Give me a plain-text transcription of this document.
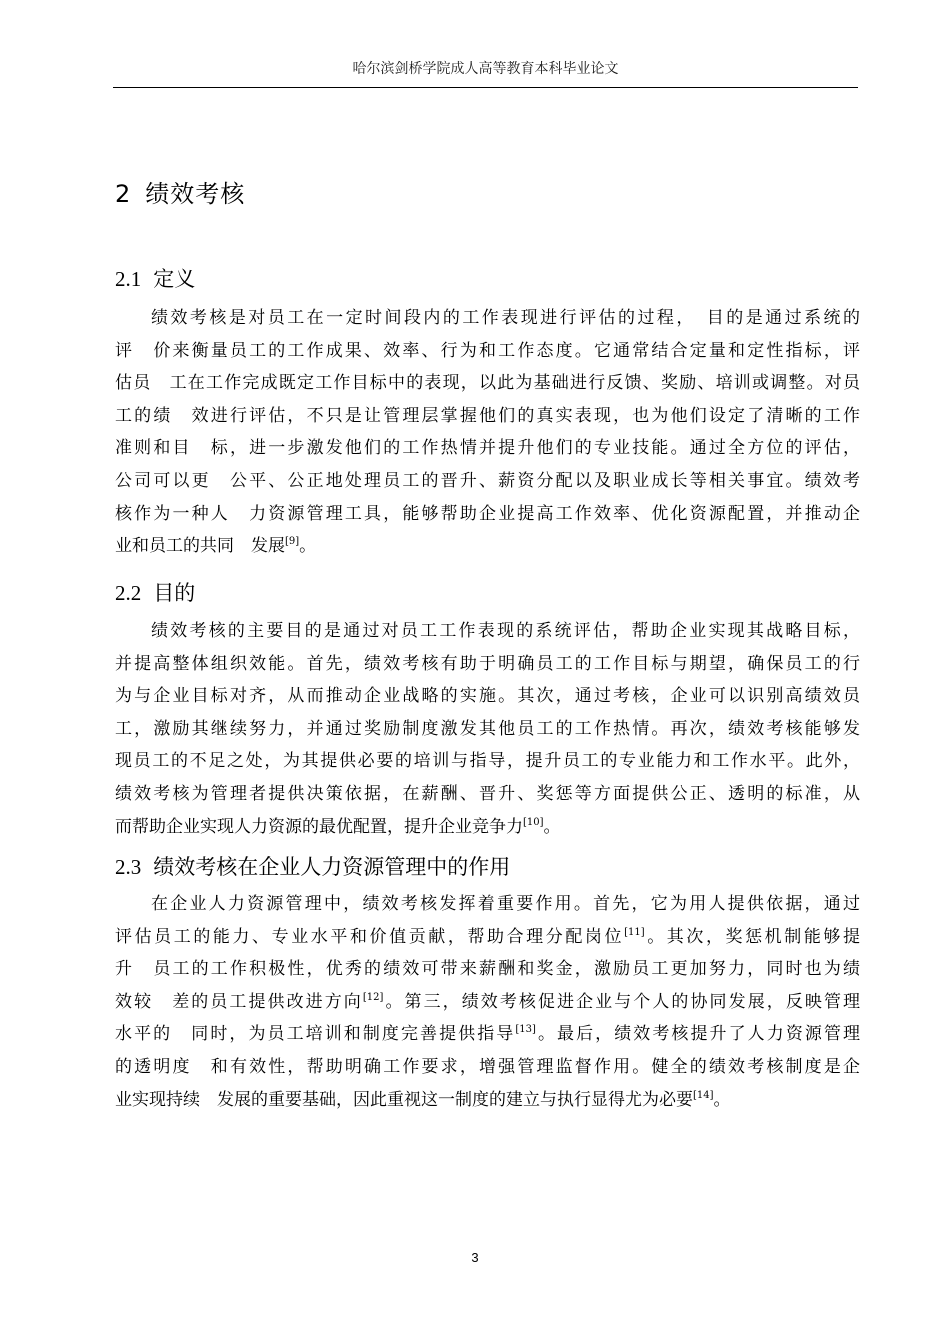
哈尔滨剑桥学院成人高等教育本科毕业论文
2 绩效考核
2.1 定义
绩效考核是对员工在一定时间段内的工作表现进行评估的过程，　目的是通过系统的
评　价来衡量员工的工作成果、效率、行为和工作态度。它通常结合定量和定性指标，评
估员　工在工作完成既定工作目标中的表现，以此为基础进行反馈、奖励、培训或调整。对员
工的绩　效进行评估，不只是让管理层掌握他们的真实表现，也为他们设定了清晰的工作
准则和目　标，进一步激发他们的工作热情并提升他们的专业技能。通过全方位的评估，
公司可以更　公平、公正地处理员工的晋升、薪资分配以及职业成长等相关事宜。绩效考
核作为一种人　力资源管理工具，能够帮助企业提高工作效率、优化资源配置，并推动企
业和员工的共同　发展[9]。
2.2 目的
绩效考核的主要目的是通过对员工工作表现的系统评估，帮助企业实现其战略目标，
并提高整体组织效能。首先，绩效考核有助于明确员工的工作目标与期望，确保员工的行
为与企业目标对齐，从而推动企业战略的实施。其次，通过考核，企业可以识别高绩效员
工，激励其继续努力，并通过奖励制度激发其他员工的工作热情。再次，绩效考核能够发
现员工的不足之处，为其提供必要的培训与指导，提升员工的专业能力和工作水平。此外，
绩效考核为管理者提供决策依据，在薪酬、晋升、奖惩等方面提供公正、透明的标准，从
而帮助企业实现人力资源的最优配置，提升企业竞争力[10]。
2.3 绩效考核在企业人力资源管理中的作用
在企业人力资源管理中，绩效考核发挥着重要作用。首先，它为用人提供依据，通过
评估员工的能力、专业水平和价值贡献，帮助合理分配岗位[11]。其次，奖惩机制能够提
升　员工的工作积极性，优秀的绩效可带来薪酬和奖金，激励员工更加努力，同时也为绩
效较　差的员工提供改进方向[12]。第三，绩效考核促进企业与个人的协同发展，反映管理
水平的　同时，为员工培训和制度完善提供指导[13]。最后，绩效考核提升了人力资源管理
的透明度　和有效性，帮助明确工作要求，增强管理监督作用。健全的绩效考核制度是企
业实现持续　发展的重要基础，因此重视这一制度的建立与执行显得尤为必要[14]。
3
